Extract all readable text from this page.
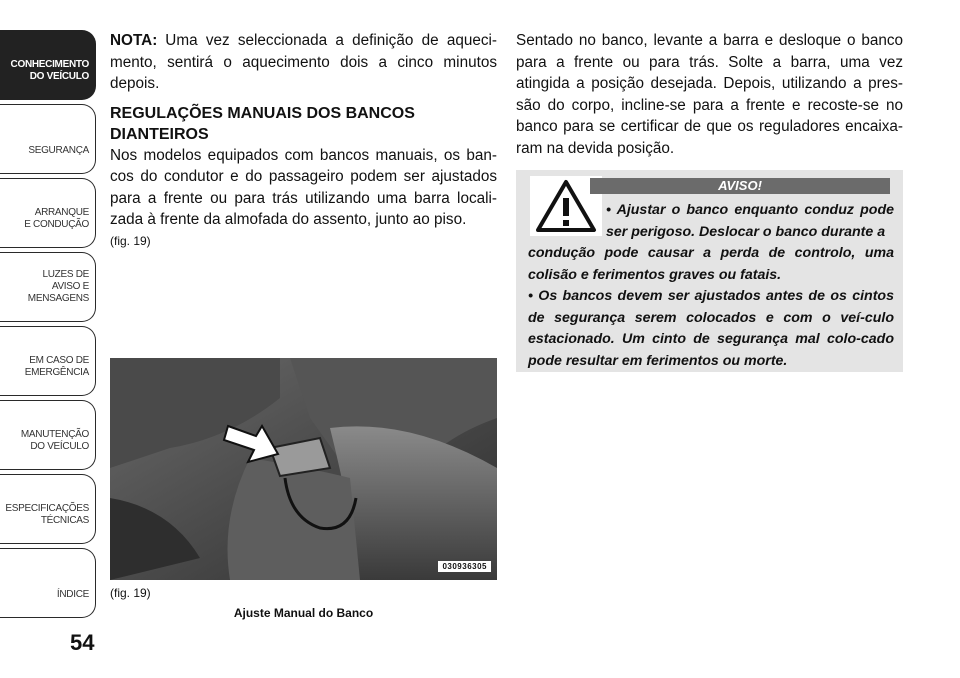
CONHECIMENTO
DO VEÍCULO
SEGURANÇA
ARRANQUE
E CONDUÇÃO
LUZES DE
AVISO E
MENSAGENS
EM CASO DE
EMERGÊNCIA
MANUTENÇÃO
DO VEÍCULO
ESPECIFICAÇÕES
TÉCNICAS
ÍNDICE
54

NOTA: Uma vez seleccionada a definição de aqueci-mento, sentirá o aquecimento dois a cinco minutos depois.

REGULAÇÕES MANUAIS DOS BANCOS DIANTEIROS

Nos modelos equipados com bancos manuais, os ban-cos do condutor e do passageiro podem ser ajustados para a frente ou para trás utilizando uma barra locali-zada à frente da almofada do assento, junto ao piso.

(fig. 19)

030936305
(fig. 19)
Ajuste Manual do Banco

Sentado no banco, levante a barra e desloque o banco para a frente ou para trás. Solte a barra, uma vez atingida a posição desejada. Depois, utilizando a pres-são do corpo, incline-se para a frente e recoste-se no banco para se certificar de que os reguladores encaixa-ram na devida posição.

AVISO!

• Ajustar o banco enquanto conduz pode ser perigoso. Deslocar o banco durante a

condução pode causar a perda de controlo, uma colisão e ferimentos graves ou fatais.

• Os bancos devem ser ajustados antes de os cintos de segurança serem colocados e com o veí-culo estacionado. Um cinto de segurança mal colo-cado pode resultar em ferimentos ou morte.
